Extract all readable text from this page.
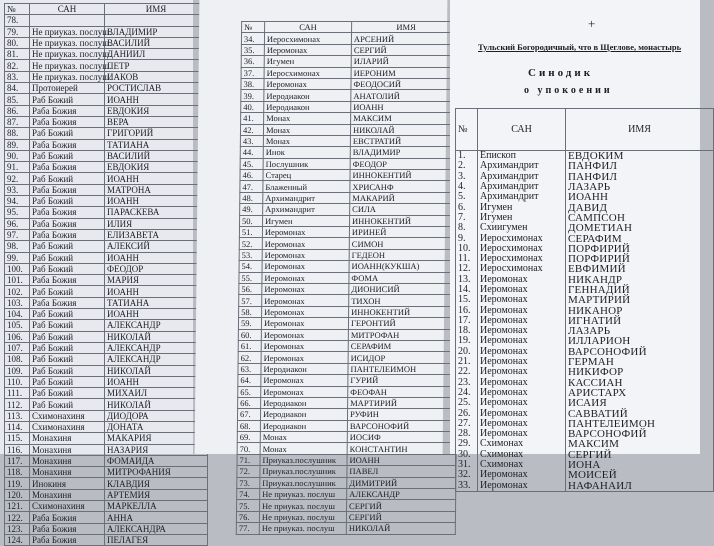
№	САН	ИМЯ
78.		
79.	Не приуказ. послуш.	ВЛАДИМИР
80.	Не приуказ. послуш.	ВАСИЛИЙ
81.	Не приуказ. послуш.	ДАНИИЛ
82.	Не приуказ. послуш.	ПЕТР
83.	Не приуказ. послуш.	ИАКОВ
84.	Протоиерей	РОСТИСЛАВ
85.	Раб Божий	ИОАНН
86.	Раба Божия	ЕВДОКИЯ
87.	Раба Божия	ВЕРА
88.	Раб Божий	ГРИГОРИЙ
89.	Раба Божия	ТАТИАНА
90.	Раб Божий	ВАСИЛИЙ
91.	Раба Божия	ЕВДОКИЯ
92.	Раб Божий	ИОАНН
93.	Раба Божия	МАТРОНА
94.	Раб Божий	ИОАНН
95.	Раба Божия	ПАРАСКЕВА
96.	Раба Божия	ИЛИЯ
97.	Раба Божия	ЕЛИЗАВЕТА
98.	Раб Божий	АЛЕКСИЙ
99.	Раб Божий	ИОАНН
100.	Раб Божий	ФЕОДОР
101.	Раба Божия	МАРИЯ
102.	Раб Божий	ИОАНН
103.	Раба Божия	ТАТИАНА
104.	Раб Божий	ИОАНН
105.	Раб Божий	АЛЕКСАНДР
106.	Раб Божий	НИКОЛАЙ
107.	Раб Божий	АЛЕКСАНДР
108.	Раб Божий	АЛЕКСАНДР
109.	Раб Божий	НИКОЛАЙ
110.	Раб Божий	ИОАНН
111.	Раб Божий	МИХАИЛ
112.	Раб Божий	НИКОЛАЙ
113.	Схимонахиня	ДИОДОРА
114.	Схимонахиня	ДОНАТА
115.	Монахиня	МАКАРИЯ
116.	Монахиня	НАЗАРИЯ
117.	Монахиня	ФОМАИДА
118.	Монахиня	МИТРОФАНИЯ
119.	Инокиня	КЛАВДИЯ
120.	Монахиня	АРТЕМИЯ
121.	Схимонахиня	МАРКЕЛЛА
122.	Раба Божия	АННА
123.	Раба Божия	АЛЕКСАНДРА
124.	Раба Божия	ПЕЛАГЕЯ
№	САН	ИМЯ
34.	Иеросхимонах	АРСЕНИЙ
35.	Иеромонах	СЕРГИЙ
36.	Игумен	ИЛАРИЙ
37.	Иеросхимонах	ИЕРОНИМ
38.	Иеромонах	ФЕОДОСИЙ
39.	Иеродиакон	АНАТОЛИЙ
40.	Иеродиакон	ИОАНН
41.	Монах	МАКСИМ
42.	Монах	НИКОЛАЙ
43.	Монах	ЕВСТРАТИЙ
44.	Инок	ВЛАДИМИР
45.	Послушник	ФЕОДОР
46.	Старец	ИННОКЕНТИЙ
47.	Блаженный	ХРИСАНФ
48.	Архимандрит	МАКАРИЙ
49.	Архимандрит	СИЛА
50.	Игумен	ИННОКЕНТИЙ
51.	Иеромонах	ИРИНЕЙ
52.	Иеромонах	СИМОН
53.	Иеромонах	ГЕДЕОН
54.	Иеромонах	ИОАНН(КУКША)
55.	Иеромонах	ФОМА
56.	Иеромонах	ДИОНИСИЙ
57.	Иеромонах	ТИХОН
58.	Иеромонах	ИННОКЕНТИЙ
59.	Иеромонах	ГЕРОНТИЙ
60.	Иеромонах	МИТРОФАН
61.	Иеромонах	СЕРАФИМ
62.	Иеромонах	ИСИДОР
63.	Иеродиакон	ПАНТЕЛЕИМОН
64.	Иеромонах	ГУРИЙ
65.	Иеромонах	ФЕОФАН
66.	Иеродиакон	МАРТИРИЙ
67.	Иеродиакон	РУФИН
68.	Иеродиакон	ВАРСОНОФИЙ
69.	Монах	ИОСИФ
70.	Монах	КОНСТАНТИН
71.	Приуказ.послушник	ИОАНН
72.	Приуказ.послушник	ПАВЕЛ
73.	Приуказ.послушник	ДИМИТРИЙ
74.	Не приуказ. послуш	АЛЕКСАНДР
75.	Не приуказ. послуш	СЕРГИЙ
76.	Не приуказ. послуш	СЕРГИЙ
77.	Не приуказ. послуш	НИКОЛАЙ
+
Тульский Богородичный, что в Щеглове, монастырь
Синодик
о упокоении
№	САН	ИМЯ
1.	Епископ	ЕВДОКИМ
2.	Архимандрит	ПАНФИЛ
3.	Архимандрит	ПАНФИЛ
4.	Архимандрит	ЛАЗАРЬ
5.	Архимандрит	ИОАНН
6.	Игумен	ДАВИД
7.	Игумен	САМПСОН
8.	Схиигумен	ДОМЕТИАН
9.	Иеросхимонах	СЕРАФИМ
10.	Иеросхимонах	ПОРФИРИЙ
11.	Иеросхимонах	ПОРФИРИЙ
12.	Иеросхимонах	ЕВФИМИЙ
13.	Иеромонах	НИКАНДР
14.	Иеромонах	ГЕННАДИЙ
15.	Иеромонах	МАРТИРИЙ
16.	Иеромонах	НИКАНОР
17.	Иеромонах	ИГНАТИЙ
18.	Иеромонах	ЛАЗАРЬ
19.	Иеромонах	ИЛЛАРИОН
20.	Иеромонах	ВАРСОНОФИЙ
21.	Иеромонах	ГЕРМАН
22.	Иеромонах	НИКИФОР
23.	Иеромонах	КАССИАН
24.	Иеромонах	АРИСТАРХ
25.	Иеромонах	ИСАИЯ
26.	Иеромонах	САВВАТИЙ
27.	Иеромонах	ПАНТЕЛЕИМОН
28.	Иеромонах	ВАРСОНОФИЙ
29.	Схимонах	МАКСИМ
30.	Схимонах	СЕРГИЙ
31.	Схимонах	ИОНА
32.	Иеромонах	МОИСЕЙ
33.	Иеромонах	НАФАНАИЛ
